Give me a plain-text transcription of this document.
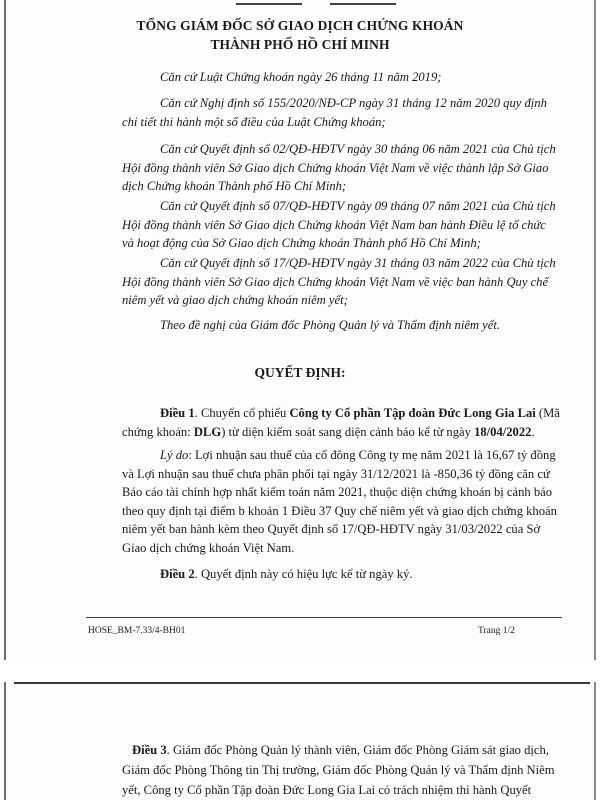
TỔNG GIÁM ĐỐC SỞ GIAO DỊCH CHỨNG KHOÁN
THÀNH PHỐ HỒ CHÍ MINH

Căn cứ Luật Chứng khoán ngày 26 tháng 11 năm 2019;

Căn cứ Nghị định số 155/2020/NĐ-CP ngày 31 tháng 12 năm 2020 quy định chi tiết thi hành một số điều của Luật Chứng khoán;

Căn cứ Quyết định số 02/QĐ-HĐTV ngày 30 tháng 06 năm 2021 của Chủ tịch Hội đồng thành viên Sở Giao dịch Chứng khoán Việt Nam về việc thành lập Sở Giao dịch Chứng khoán Thành phố Hồ Chí Minh;

Căn cứ Quyết định số 07/QĐ-HĐTV ngày 09 tháng 07 năm 2021 của Chủ tịch Hội đồng thành viên Sở Giao dịch Chứng khoán Việt Nam ban hành Điều lệ tổ chức và hoạt động của Sở Giao dịch Chứng khoán Thành phố Hồ Chí Minh;

Căn cứ Quyết định số 17/QĐ-HĐTV ngày 31 tháng 03 năm 2022 của Chủ tịch Hội đồng thành viên Sở Giao dịch Chứng khoán Việt Nam về việc ban hành Quy chế niêm yết và giao dịch chứng khoán niêm yết;

Theo đề nghị của Giám đốc Phòng Quản lý và Thẩm định niêm yết.

QUYẾT ĐỊNH:

Điều 1. Chuyển cổ phiếu Công ty Cổ phần Tập đoàn Đức Long Gia Lai (Mã chứng khoán: DLG) từ diện kiểm soát sang diện cảnh báo kể từ ngày 18/04/2022.

Lý do: Lợi nhuận sau thuế của cổ đông Công ty mẹ năm 2021 là 16,67 tỷ đồng và Lợi nhuận sau thuế chưa phân phối tại ngày 31/12/2021 là -850,36 tỷ đồng căn cứ Báo cáo tài chính hợp nhất kiểm toán năm 2021, thuộc diện chứng khoán bị cảnh báo theo quy định tại điểm b khoản 1 Điều 37 Quy chế niêm yết và giao dịch chứng khoán niêm yết ban hành kèm theo Quyết định số 17/QĐ-HĐTV ngày 31/03/2022 của Sở Giao dịch chứng khoán Việt Nam.

Điều 2. Quyết định này có hiệu lực kể từ ngày ký.

HOSE_BM-7.33/4-BH01	Trang 1/2
Điều 3. Giám đốc Phòng Quản lý thành viên, Giám đốc Phòng Giám sát giao dịch, Giám đốc Phòng Thông tin Thị trường, Giám đốc Phòng Quản lý và Thẩm định Niêm yết, Công ty Cổ phần Tập đoàn Đức Long Gia Lai có trách nhiệm thi hành Quyết
